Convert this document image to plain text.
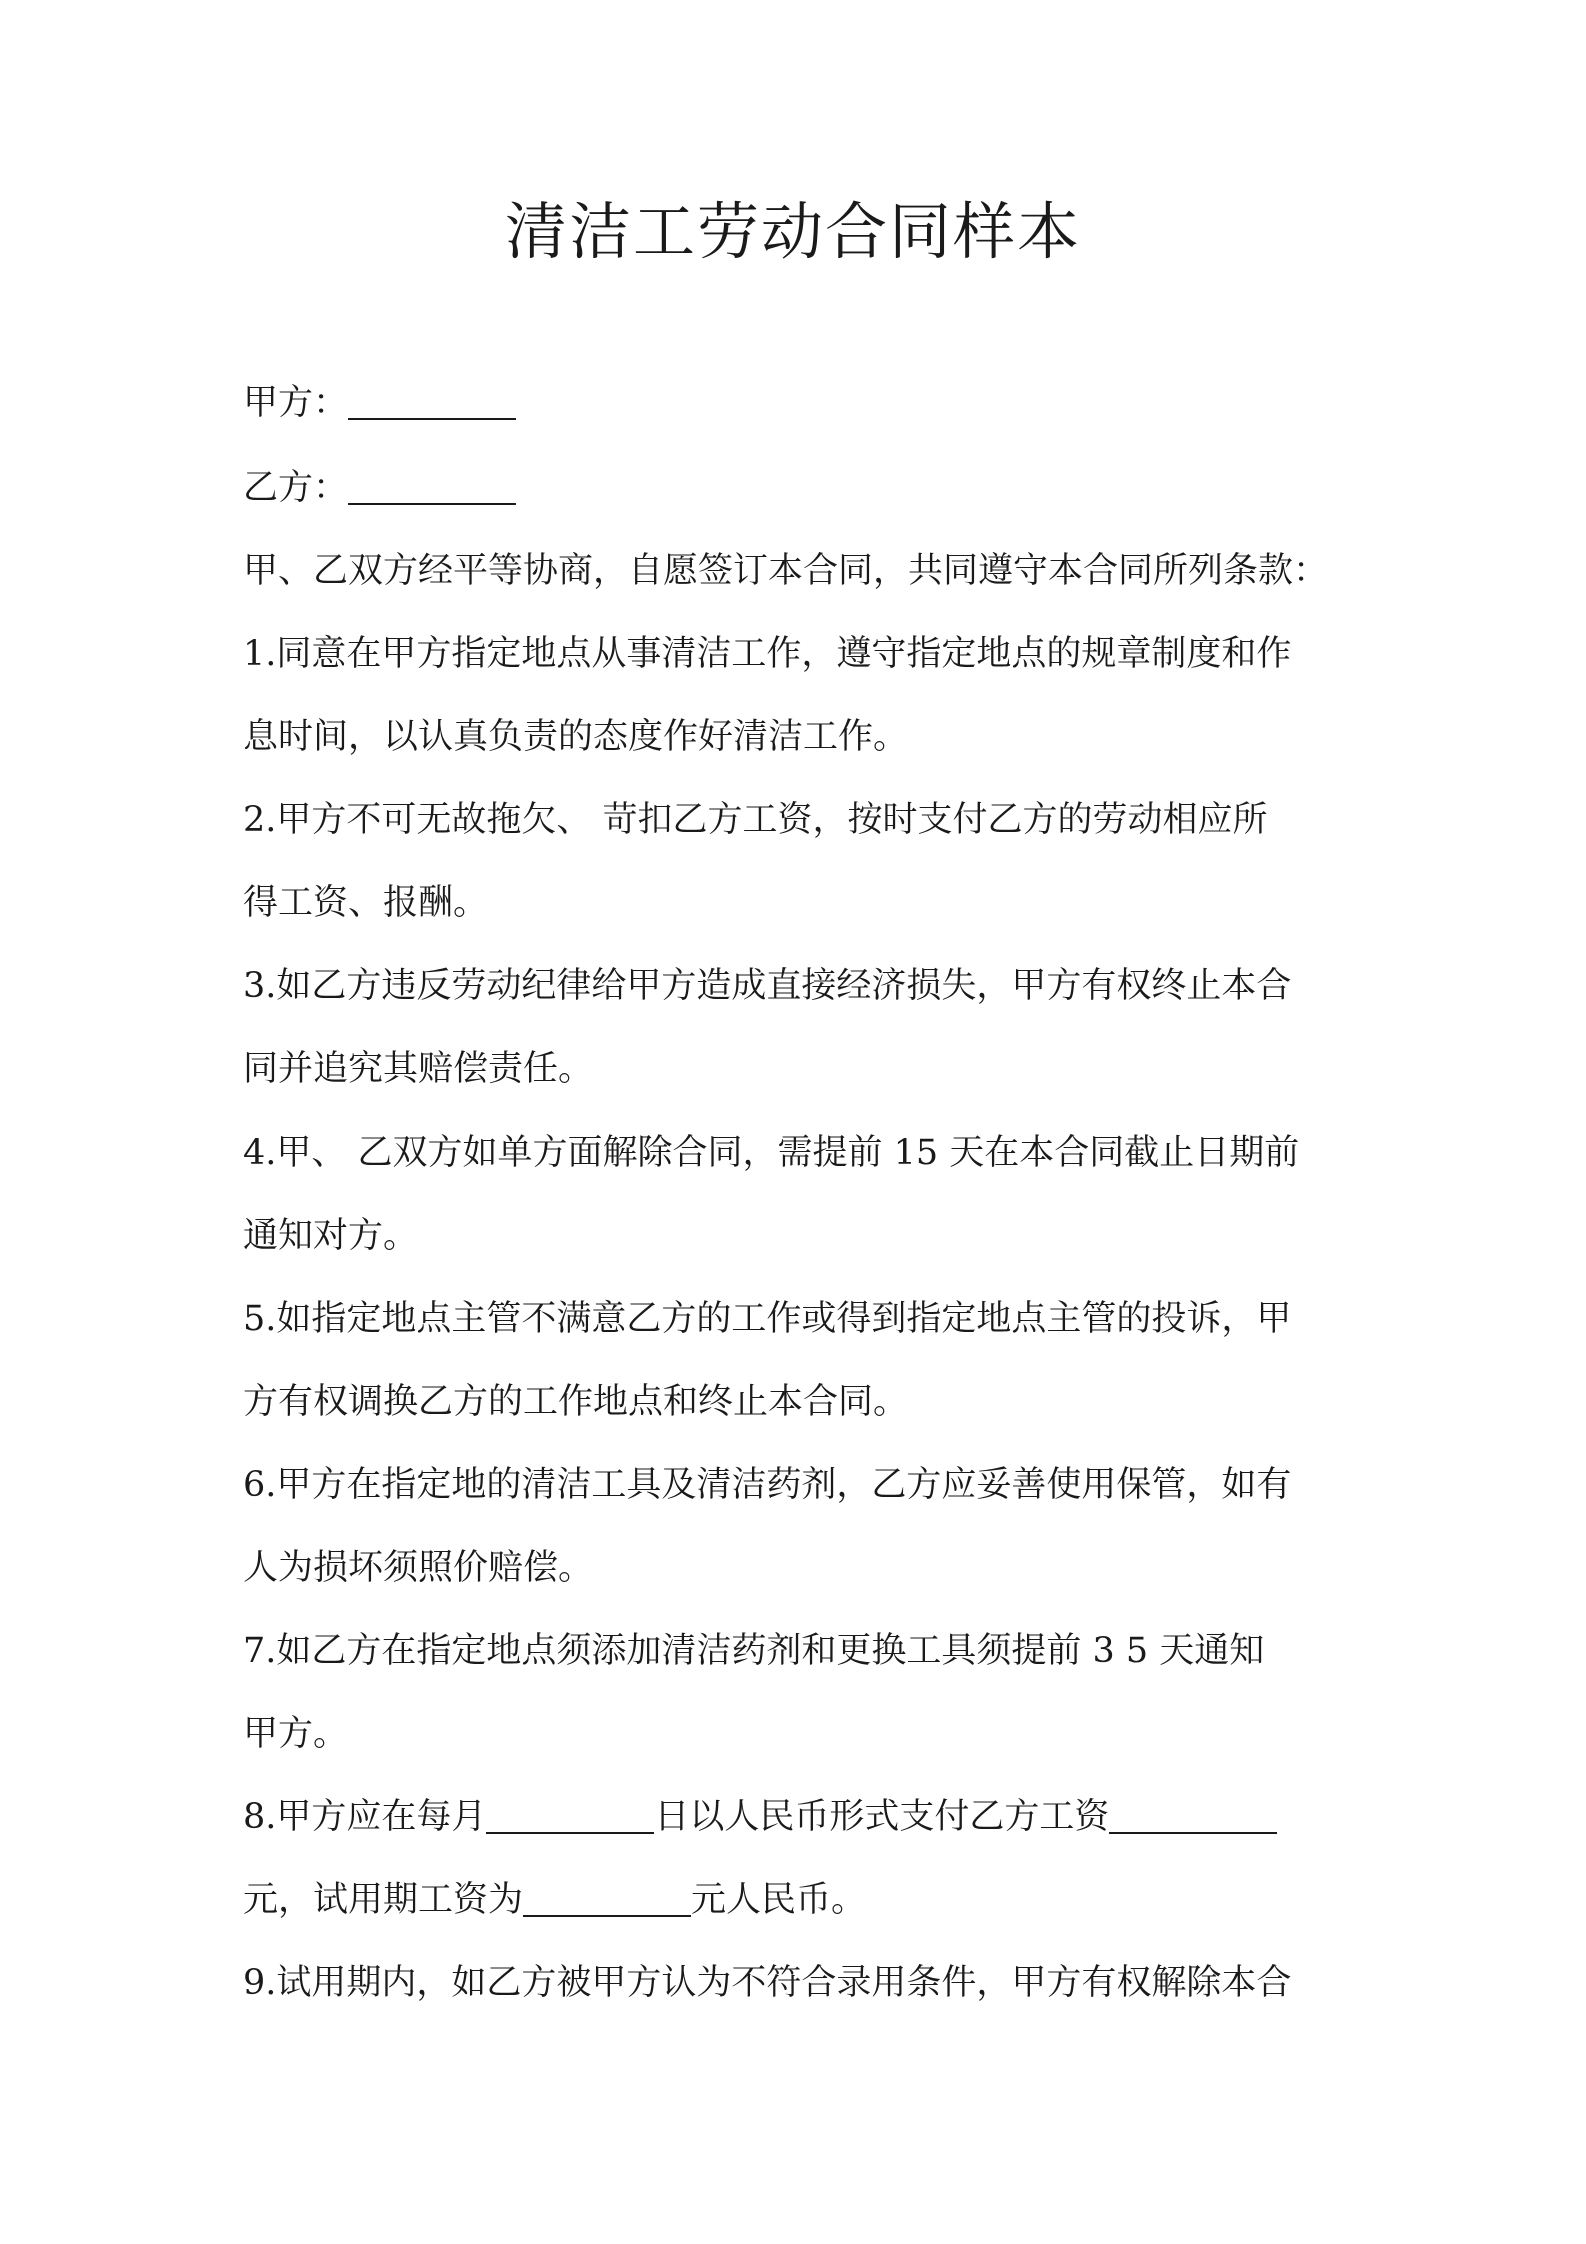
清洁工劳动合同样本
甲方：
乙方：
甲、乙双方经平等协商，自愿签订本合同，共同遵守本合同所列条款：
1.同意在甲方指定地点从事清洁工作，遵守指定地点的规章制度和作
息时间，以认真负责的态度作好清洁工作。
2.甲方不可无故拖欠、 苛扣乙方工资，按时支付乙方的劳动相应所
得工资、报酬。
3.如乙方违反劳动纪律给甲方造成直接经济损失，甲方有权终止本合
同并追究其赔偿责任。
4.甲、 乙双方如单方面解除合同，需提前 15 天在本合同截止日期前
通知对方。
5.如指定地点主管不满意乙方的工作或得到指定地点主管的投诉，甲
方有权调换乙方的工作地点和终止本合同。
6.甲方在指定地的清洁工具及清洁药剂，乙方应妥善使用保管，如有
人为损坏须照价赔偿。
7.如乙方在指定地点须添加清洁药剂和更换工具须提前 3 5 天通知
甲方。
8.甲方应在每月	日以人民币形式支付乙方工资
元，试用期工资为	元人民币。
9.试用期内，如乙方被甲方认为不符合录用条件，甲方有权解除本合
